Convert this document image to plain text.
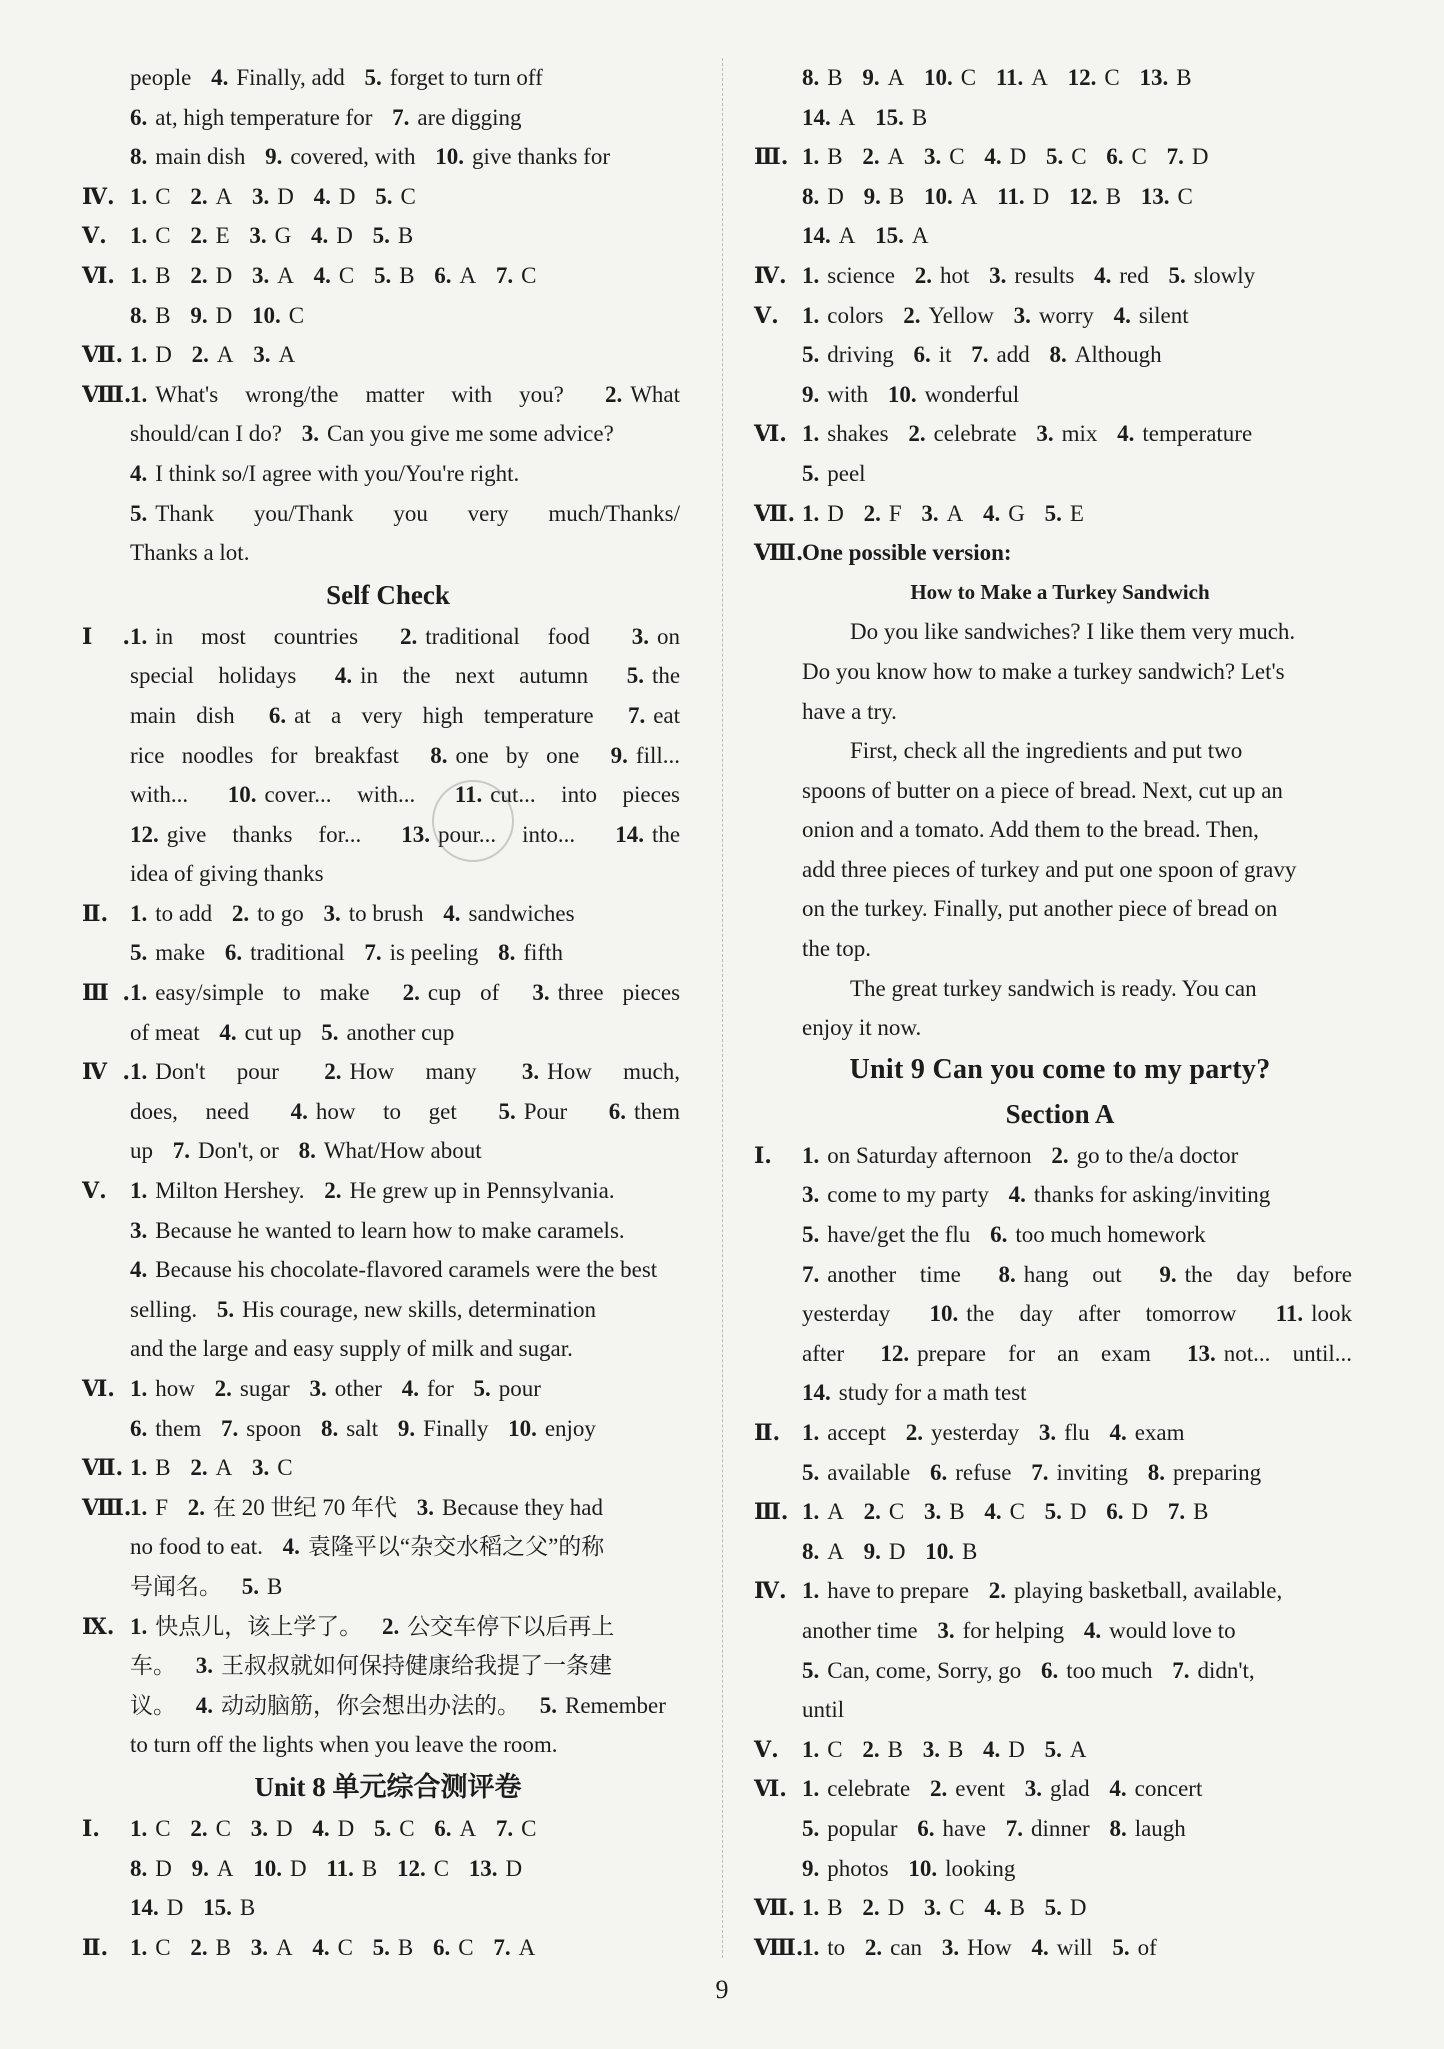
people 4. Finally, add 5. forget to turn off
6. at, high temperature for 7. are digging
8. main dish 9. covered, with 10. give thanks for
Ⅳ. 1. C 2. A 3. D 4. D 5. C
Ⅴ. 1. C 2. E 3. G 4. D 5. B
Ⅵ. 1. B 2. D 3. A 4. C 5. B 6. A 7. C
8. B 9. D 10. C
Ⅶ. 1. D 2. A 3. A
Ⅷ.1. What's wrong/the matter with you? 2. What
should/can I do? 3. Can you give me some advice?
4. I think so/I agree with you/You're right.
5. Thank you/Thank you very much/Thanks/
Thanks a lot.
Self Check
Ⅰ.1. in most countries 2. traditional food 3. on
special holidays 4. in the next autumn 5. the
main dish 6. at a very high temperature 7. eat
rice noodles for breakfast 8. one by one 9. fill...
with... 10. cover... with... 11. cut... into pieces
12. give thanks for... 13. pour... into... 14. the
idea of giving thanks
Ⅱ. 1. to add 2. to go 3. to brush 4. sandwiches
5. make 6. traditional 7. is peeling 8. fifth
Ⅲ.1. easy/simple to make 2. cup of 3. three pieces
of meat 4. cut up 5. another cup
Ⅳ.1. Don't pour 2. How many 3. How much,
does, need 4. how to get 5. Pour 6. them
up 7. Don't, or 8. What/How about
Ⅴ. 1. Milton Hershey. 2. He grew up in Pennsylvania.
3. Because he wanted to learn how to make caramels.
4. Because his chocolate-flavored caramels were the best
selling. 5. His courage, new skills, determination
and the large and easy supply of milk and sugar.
Ⅵ. 1. how 2. sugar 3. other 4. for 5. pour
6. them 7. spoon 8. salt 9. Finally 10. enjoy
Ⅶ. 1. B 2. A 3. C
Ⅷ.1. F 2. 在 20 世纪 70 年代 3. Because they had
no food to eat. 4. 袁隆平以“杂交水稻之父”的称
号闻名。 5. B
Ⅸ. 1. 快点儿，该上学了。 2. 公交车停下以后再上
车。 3. 王叔叔就如何保持健康给我提了一条建
议。 4. 动动脑筋，你会想出办法的。 5. Remember
to turn off the lights when you leave the room.
Unit 8 单元综合测评卷
Ⅰ. 1. C 2. C 3. D 4. D 5. C 6. A 7. C
8. D 9. A 10. D 11. B 12. C 13. D
14. D 15. B
Ⅱ. 1. C 2. B 3. A 4. C 5. B 6. C 7. A
8. B 9. A 10. C 11. A 12. C 13. B
14. A 15. B
Ⅲ. 1. B 2. A 3. C 4. D 5. C 6. C 7. D
8. D 9. B 10. A 11. D 12. B 13. C
14. A 15. A
Ⅳ. 1. science 2. hot 3. results 4. red 5. slowly
Ⅴ. 1. colors 2. Yellow 3. worry 4. silent
5. driving 6. it 7. add 8. Although
9. with 10. wonderful
Ⅵ. 1. shakes 2. celebrate 3. mix 4. temperature
5. peel
Ⅶ. 1. D 2. F 3. A 4. G 5. E
Ⅷ.One possible version:
How to Make a Turkey Sandwich
Do you like sandwiches? I like them very much.
Do you know how to make a turkey sandwich? Let's
have a try.
First, check all the ingredients and put two
spoons of butter on a piece of bread. Next, cut up an
onion and a tomato. Add them to the bread. Then,
add three pieces of turkey and put one spoon of gravy
on the turkey. Finally, put another piece of bread on
the top.
The great turkey sandwich is ready. You can
enjoy it now.
Unit 9 Can you come to my party?
Section A
Ⅰ. 1. on Saturday afternoon 2. go to the/a doctor
3. come to my party 4. thanks for asking/inviting
5. have/get the flu 6. too much homework
7. another time 8. hang out 9. the day before
yesterday 10. the day after tomorrow 11. look
after 12. prepare for an exam 13. not... until...
14. study for a math test
Ⅱ. 1. accept 2. yesterday 3. flu 4. exam
5. available 6. refuse 7. inviting 8. preparing
Ⅲ. 1. A 2. C 3. B 4. C 5. D 6. D 7. B
8. A 9. D 10. B
Ⅳ. 1. have to prepare 2. playing basketball, available,
another time 3. for helping 4. would love to
5. Can, come, Sorry, go 6. too much 7. didn't,
until
Ⅴ. 1. C 2. B 3. B 4. D 5. A
Ⅵ. 1. celebrate 2. event 3. glad 4. concert
5. popular 6. have 7. dinner 8. laugh
9. photos 10. looking
Ⅶ. 1. B 2. D 3. C 4. B 5. D
Ⅷ.1. to 2. can 3. How 4. will 5. of
9
